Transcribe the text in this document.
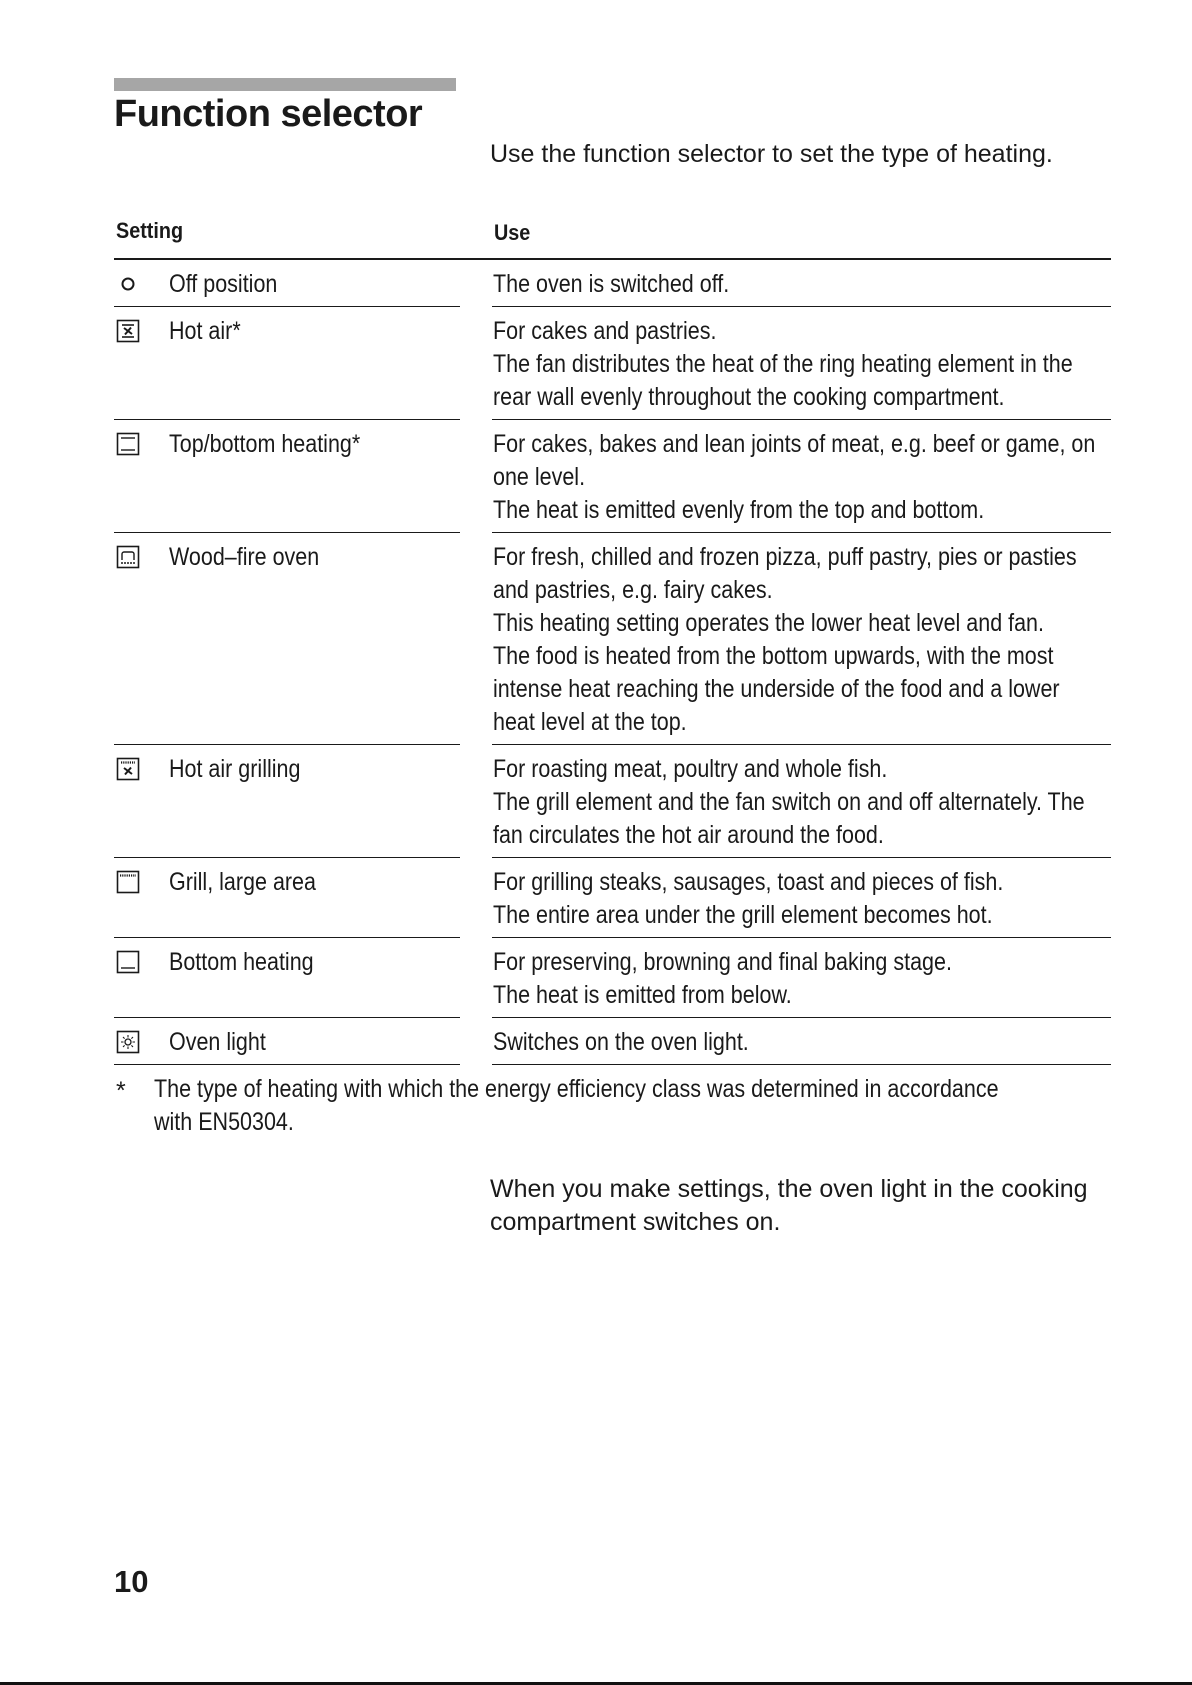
Function selector

Use the function selector to set the type of heating.

Setting	Use
Off position	The oven is switched off.
Hot air*	For cakes and pastries.
The fan distributes the heat of the ring heating element in the
rear wall evenly throughout the cooking compartment.
Top/bottom heating*	For cakes, bakes and lean joints of meat, e.g. beef or game, on
one level.
The heat is emitted evenly from the top and bottom.
Wood–fire oven	For fresh, chilled and frozen pizza, puff pastry, pies or pasties
and pastries, e.g. fairy cakes.
This heating setting operates the lower heat level and fan.
The food is heated from the bottom upwards, with the most
intense heat reaching the underside of the food and a lower
heat level at the top.
Hot air grilling	For roasting meat, poultry and whole fish.
The grill element and the fan switch on and off alternately. The
fan circulates the hot air around the food.
Grill, large area	For grilling steaks, sausages, toast and pieces of fish.
The entire area under the grill element becomes hot.
Bottom heating	For preserving, browning and final baking stage.
The heat is emitted from below.
Oven light	Switches on the oven light.
* The type of heating with which the energy efficiency class was determined in accordance with EN50304.

When you make settings, the oven light in the cooking compartment switches on.

10
